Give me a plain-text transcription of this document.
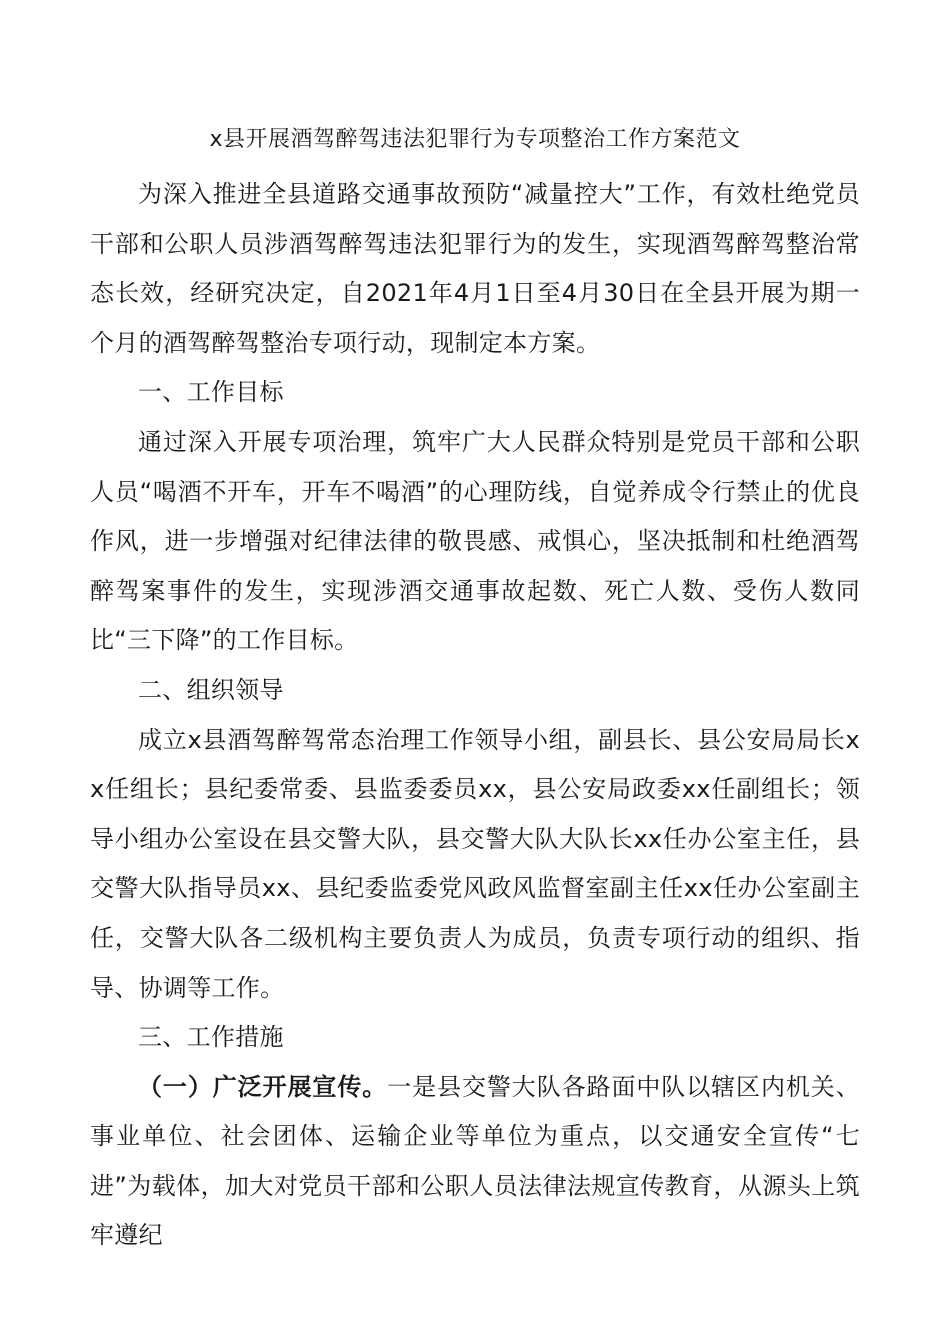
x县开展酒驾醉驾违法犯罪行为专项整治工作方案范文

为深入推进全县道路交通事故预防“减量控大”工作，有效杜绝党员干部和公职人员涉酒驾醉驾违法犯罪行为的发生，实现酒驾醉驾整治常态长效，经研究决定，自2021年4月1日至4月30日在全县开展为期一个月的酒驾醉驾整治专项行动，现制定本方案。

一、工作目标

通过深入开展专项治理，筑牢广大人民群众特别是党员干部和公职人员“喝酒不开车，开车不喝酒”的心理防线，自觉养成令行禁止的优良作风，进一步增强对纪律法律的敬畏感、戒惧心，坚决抵制和杜绝酒驾醉驾案事件的发生，实现涉酒交通事故起数、死亡人数、受伤人数同比“三下降”的工作目标。

二、组织领导

成立x县酒驾醉驾常态治理工作领导小组，副县长、县公安局局长xx任组长；县纪委常委、县监委委员xx，县公安局政委xx任副组长；领导小组办公室设在县交警大队，县交警大队大队长xx任办公室主任，县交警大队指导员xx、县纪委监委党风政风监督室副主任xx任办公室副主任，交警大队各二级机构主要负责人为成员，负责专项行动的组织、指导、协调等工作。

三、工作措施

（一）广泛开展宣传。一是县交警大队各路面中队以辖区内机关、事业单位、社会团体、运输企业等单位为重点，以交通安全宣传“七进”为载体，加大对党员干部和公职人员法律法规宣传教育，从源头上筑牢遵纪
